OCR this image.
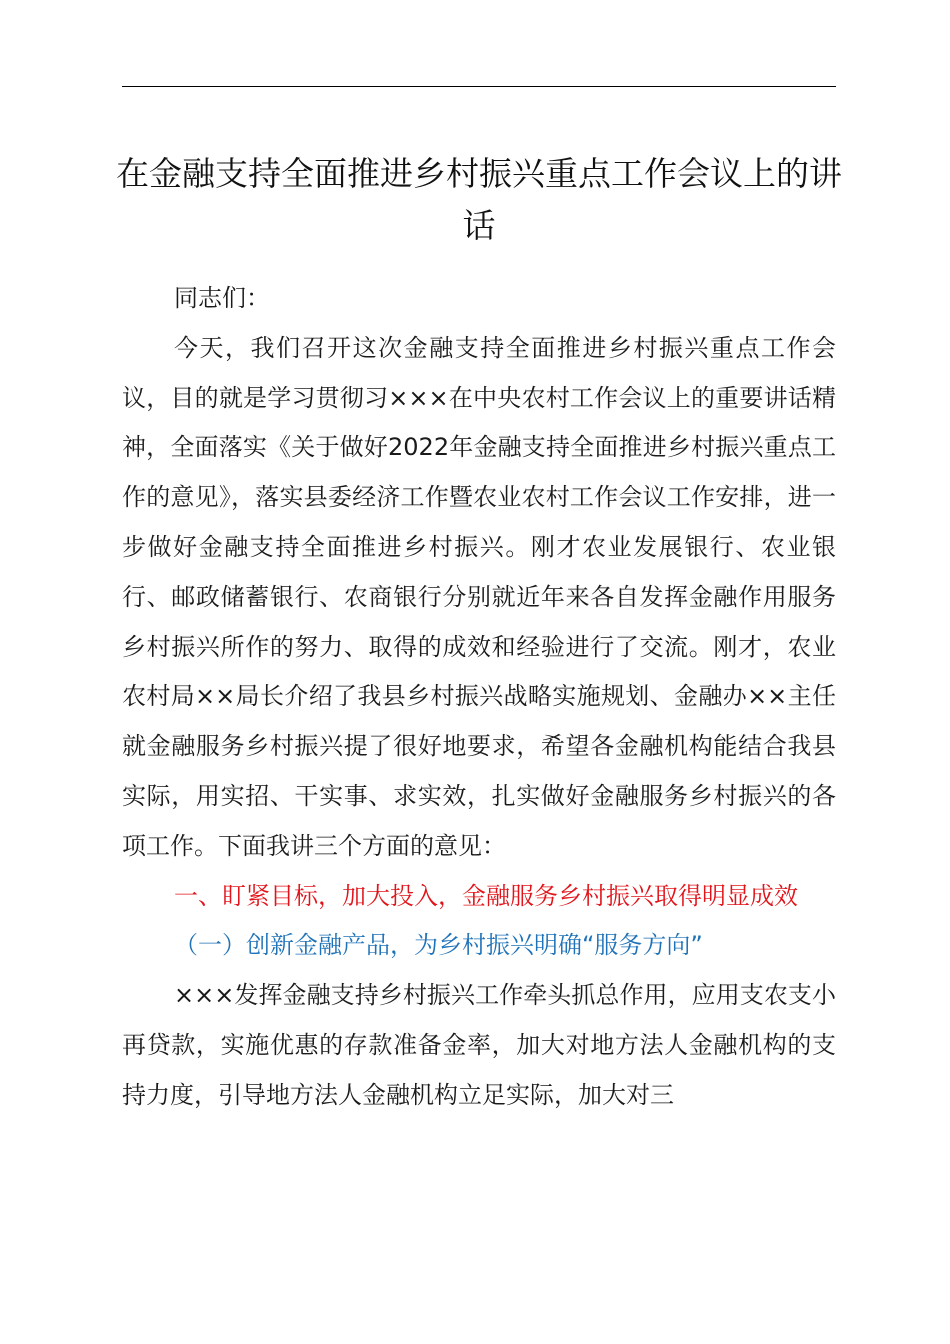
在金融支持全面推进乡村振兴重点工作会议上的讲话

同志们：

今天，我们召开这次金融支持全面推进乡村振兴重点工作会议，目的就是学习贯彻习×××在中央农村工作会议上的重要讲话精神，全面落实《关于做好2022年金融支持全面推进乡村振兴重点工作的意见》，落实县委经济工作暨农业农村工作会议工作安排，进一步做好金融支持全面推进乡村振兴。刚才农业发展银行、农业银行、邮政储蓄银行、农商银行分别就近年来各自发挥金融作用服务乡村振兴所作的努力、取得的成效和经验进行了交流。刚才，农业农村局××局长介绍了我县乡村振兴战略实施规划、金融办××主任就金融服务乡村振兴提了很好地要求，希望各金融机构能结合我县实际，用实招、干实事、求实效，扎实做好金融服务乡村振兴的各项工作。下面我讲三个方面的意见：

一、盯紧目标，加大投入，金融服务乡村振兴取得明显成效

（一）创新金融产品，为乡村振兴明确“服务方向”

×××发挥金融支持乡村振兴工作牵头抓总作用，应用支农支小再贷款，实施优惠的存款准备金率，加大对地方法人金融机构的支持力度，引导地方法人金融机构立足实际，加大对三
